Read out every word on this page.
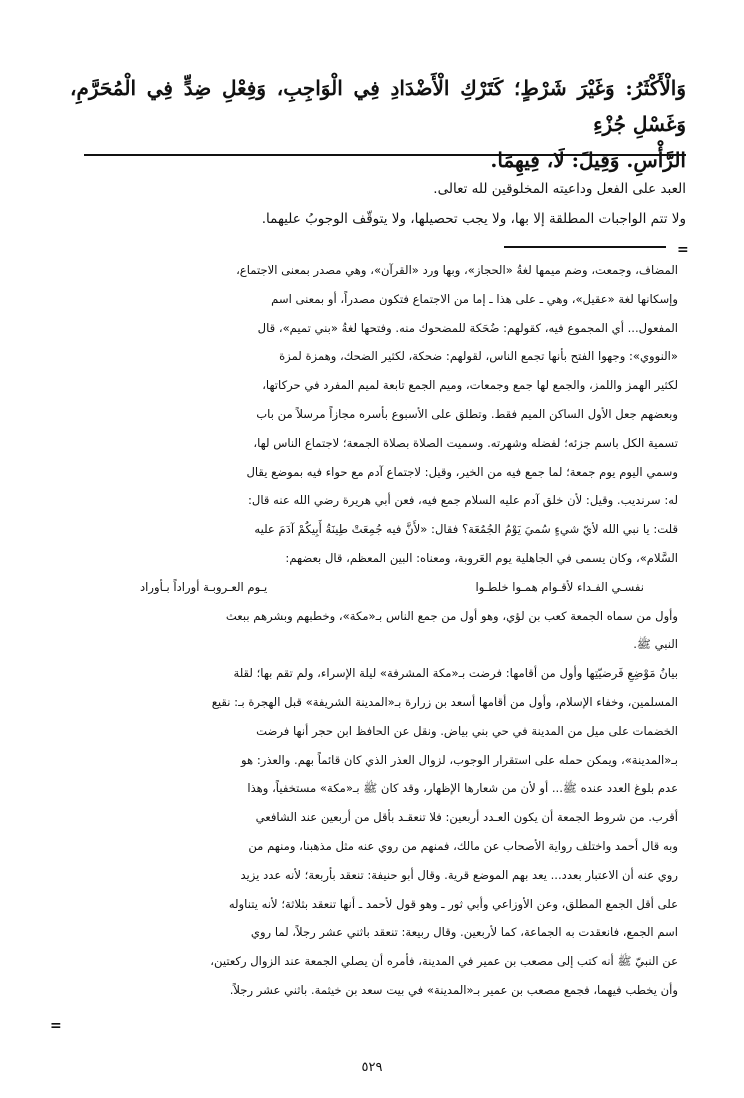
وَالْأَكْثَرُ: وَغَيْرَ شَرْطٍ؛ كَتَرْكِ الْأَضْدَادِ فِي الْوَاجِبِ، وَفِعْلِ ضِدٍّ فِي الْمُحَرَّمِ، وَغَسْلِ جُزْءِ

الرَّأْسِ. وَقِيلَ: لَا، فِيهِمَا.

العبد على الفعل وداعيته المخلوقين لله تعالى.

ولا تتم الواجبات المطلقة إلا بها، ولا يجب تحصيلها، ولا يتوقّف الوجوبُ عليهما.

=

المضاف، وجمعت، وضم ميمها لغةُ «الحجاز»، وبها ورد «القرآن»، وهي مصدر بمعنى الاجتماع،

وإسكانها لغة «عقيل»، وهي ـ على هذا ـ إما من الاجتماع فتكون مصدراً، أو بمعنى اسم

المفعول... أي المجموع فيه، كقولهم: ضُحَكة للمضحوك منه. وفتحها لغةُ «بني تميم»، قال

«النووي»: وجهوا الفتح بأنها تجمع الناس، لقولهم: ضحكة، لكثير الضحك، وهمزة لمزة

لكثير الهمز واللمز، والجمع لها جمع وجمعات، وميم الجمع تابعة لميم المفرد في حركاتها،

وبعضهم جعل الأول الساكن الميم فقط. وتطلق على الأسبوع بأسره مجازاً مرسلاً من باب

تسمية الكل باسم جزئه؛ لفضله وشهرته. وسميت الصلاة بصلاة الجمعة؛ لاجتماع الناس لها،

وسمي اليوم يوم جمعة؛ لما جمع فيه من الخير، وقيل: لاجتماع آدم مع حواء فيه بموضع يقال

له: سرنديب. وقيل: لأن خلق آدم عليه السلام جمع فيه، فعن أبي هريرة رضي الله عنه قال:

قلت: يا نبي الله لأيّ شيءٍ سُميَ يَوْمُ الجُمُعَة؟ فقال: «لأَنَّ فيه جُمِعَتْ طِينَةُ أَبِيكُمْ آدَمَ عليه

السَّلام»، وكان يسمى في الجاهلية يوم العَروبة، ومعناه: البين المعظم، قال بعضهم:

نفسـي الفـداء لأقـوام همـوا خلطـوا
يـوم العـروبـة أوراداً بـأوراد

وأول من سماه الجمعة كعب بن لؤي، وهو أول من جمع الناس بـ«مكة»، وخطبهم وبشرهم ببعث

النبي ﷺ.

بيانُ مَوْضِعِ فَرضيّتِها وأول من أقامها: فرضت بـ«مكة المشرفة» ليلة الإسراء، ولم تقم بها؛ لقلة

المسلمين، وخفاء الإسلام، وأول من أقامها أسعد بن زرارة بـ«المدينة الشريفة» قبل الهجرة بـ: نقيع

الخضمات على ميل من المدينة في حي بني بياض. ونقل عن الحافظ ابن حجر أنها فرضت

بـ«المدينة»، ويمكن حمله على استقرار الوجوب، لزوال العذر الذي كان قائماً بهم. والعذر: هو

عدم بلوغ العدد عنده ﷺ... أو لأن من شعارها الإظهار، وقد كان ﷺ بـ«مكة» مستخفياً، وهذا

أقرب. من شروط الجمعة أن يكون العـدد أربعين: فلا تنعقـد بأقل من أربعين عند الشافعي

وبه قال أحمد واختلف رواية الأصحاب عن مالك، فمنهم من روي عنه مثل مذهبنا، ومنهم من

روي عنه أن الاعتبار بعدد... يعد بهم الموضع قرية. وقال أبو حنيفة: تنعقد بأربعة؛ لأنه عدد يزيد

على أقل الجمع المطلق، وعن الأوزاعي وأبي ثور ـ وهو قول لأحمد ـ أنها تنعقد بثلاثة؛ لأنه يتناوله

اسم الجمع، فانعقدت به الجماعة، كما لأربعين. وقال ربيعة: تنعقد باثني عشر رجلاً، لما روي

عن النبيّ ﷺ أنه كتب إلى مصعب بن عمير في المدينة، فأمره أن يصلي الجمعة عند الزوال ركعتين،

وأن يخطب فيهما، فجمع مصعب بن عمير بـ«المدينة» في بيت سعد بن خيثمة. باثني عشر رجلاً.

=
٥٢٩
